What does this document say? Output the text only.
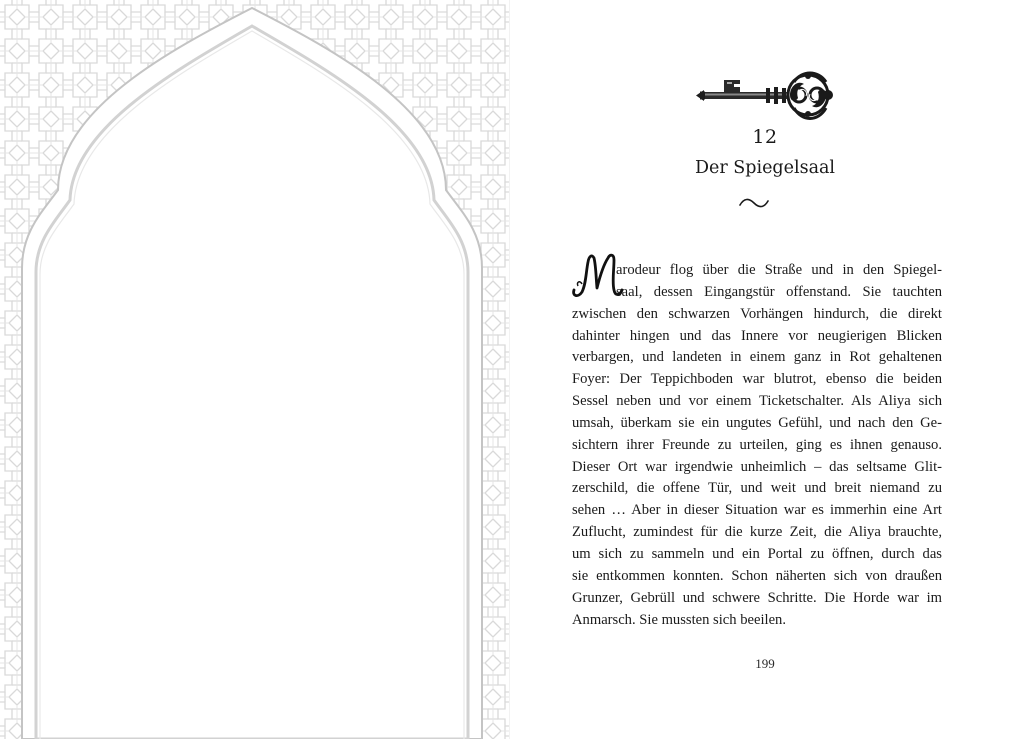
12
Der Spiegelsaal
M
arodeur flog über die Straße und in den Spiegel-
saal, dessen Eingangstür offenstand. Sie tauchten
zwischen den schwarzen Vorhängen hindurch, die direkt
dahinter hingen und das Innere vor neugierigen Blicken
verbargen, und landeten in einem ganz in Rot gehaltenen
Foyer: Der Teppichboden war blutrot, ebenso die beiden
Sessel neben und vor einem Ticketschalter. Als Aliya sich
umsah, überkam sie ein ungutes Gefühl, und nach den Ge-
sichtern ihrer Freunde zu urteilen, ging es ihnen genauso.
Dieser Ort war irgendwie unheimlich – das seltsame Glit-
zerschild, die offene Tür, und weit und breit niemand zu
sehen … Aber in dieser Situation war es immerhin eine Art
Zuflucht, zumindest für die kurze Zeit, die Aliya brauchte,
um sich zu sammeln und ein Portal zu öffnen, durch das
sie entkommen konnten. Schon näherten sich von draußen
Grunzer, Gebrüll und schwere Schritte. Die Horde war im
Anmarsch. Sie mussten sich beeilen.
199
